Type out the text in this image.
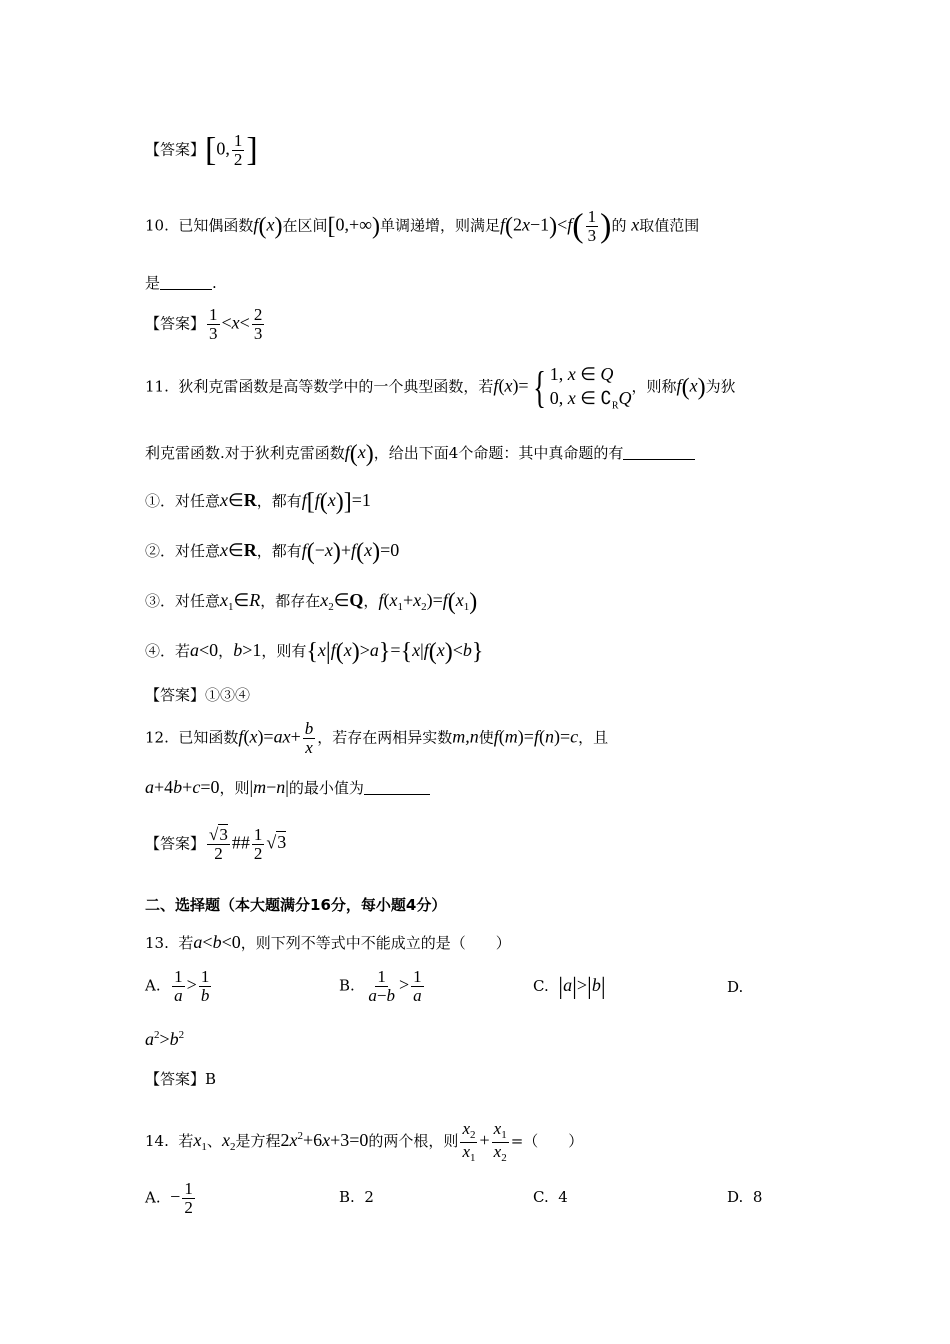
【答案】[0, $\frac{1}{2}$ ]
10. 已知偶函数f(x)在区间[0,+∞)单调递增，则满足$f(2x-1)<f( \frac{1}{3}$ )的 x取值范围
是	.
【答案】 $\frac{1}{3} <x< \frac{2}{3}$
11. 狄利克雷函数是高等数学中的一个典型函数，若f(x)= { 1, x ∈ Q
0, x ∈ $∁_RQ$
，则称f(x)为狄
利克雷函数.对于狄利克雷函数f(x)，给出下面4个命题：其中真命题的有
①．对任意x∈R，都有f[f(x)]=1
②．对任意x∈R，都有f(−x)+f(x)=0
③．对任意$x_1\in R$，都存在$x_2\in Q$，$f(x_1+x_2)=f(x_1)$
④．若a<0，b>1，则有{x|f(x)>a}={x|f(x)<b}
【答案】①③④
12. 已知函数$f(x)=ax+ \frac{b}{x}$ ，若存在两相异实数m,n使f(m)=f(n)=c，且
a+4b+c=0，则|m−n|的最小值为
【答案】 $\frac{√3}{2}$ ## $\frac{1}{2} √3$
二、选择题（本大题满分16分，每小题4分）
13. 若a<b<0，则下列不等式中不能成立的是（　　）
A. $\frac{1}{a} > \frac{1}{b}$	B. $\frac{1}{a-b} > \frac{1}{a}$	C. |a|>|b|	D.
$a^2>b^2$
【答案】B
14. 若$x_1$、$x_2$是方程$2x^2+6x+3=0$的两个根，则 $\frac{x_2}{x_1} + \frac{x_1}{x_2}$ =（　　）
A. − $\frac{1}{2}$	B. 2	C. 4	D. 8
